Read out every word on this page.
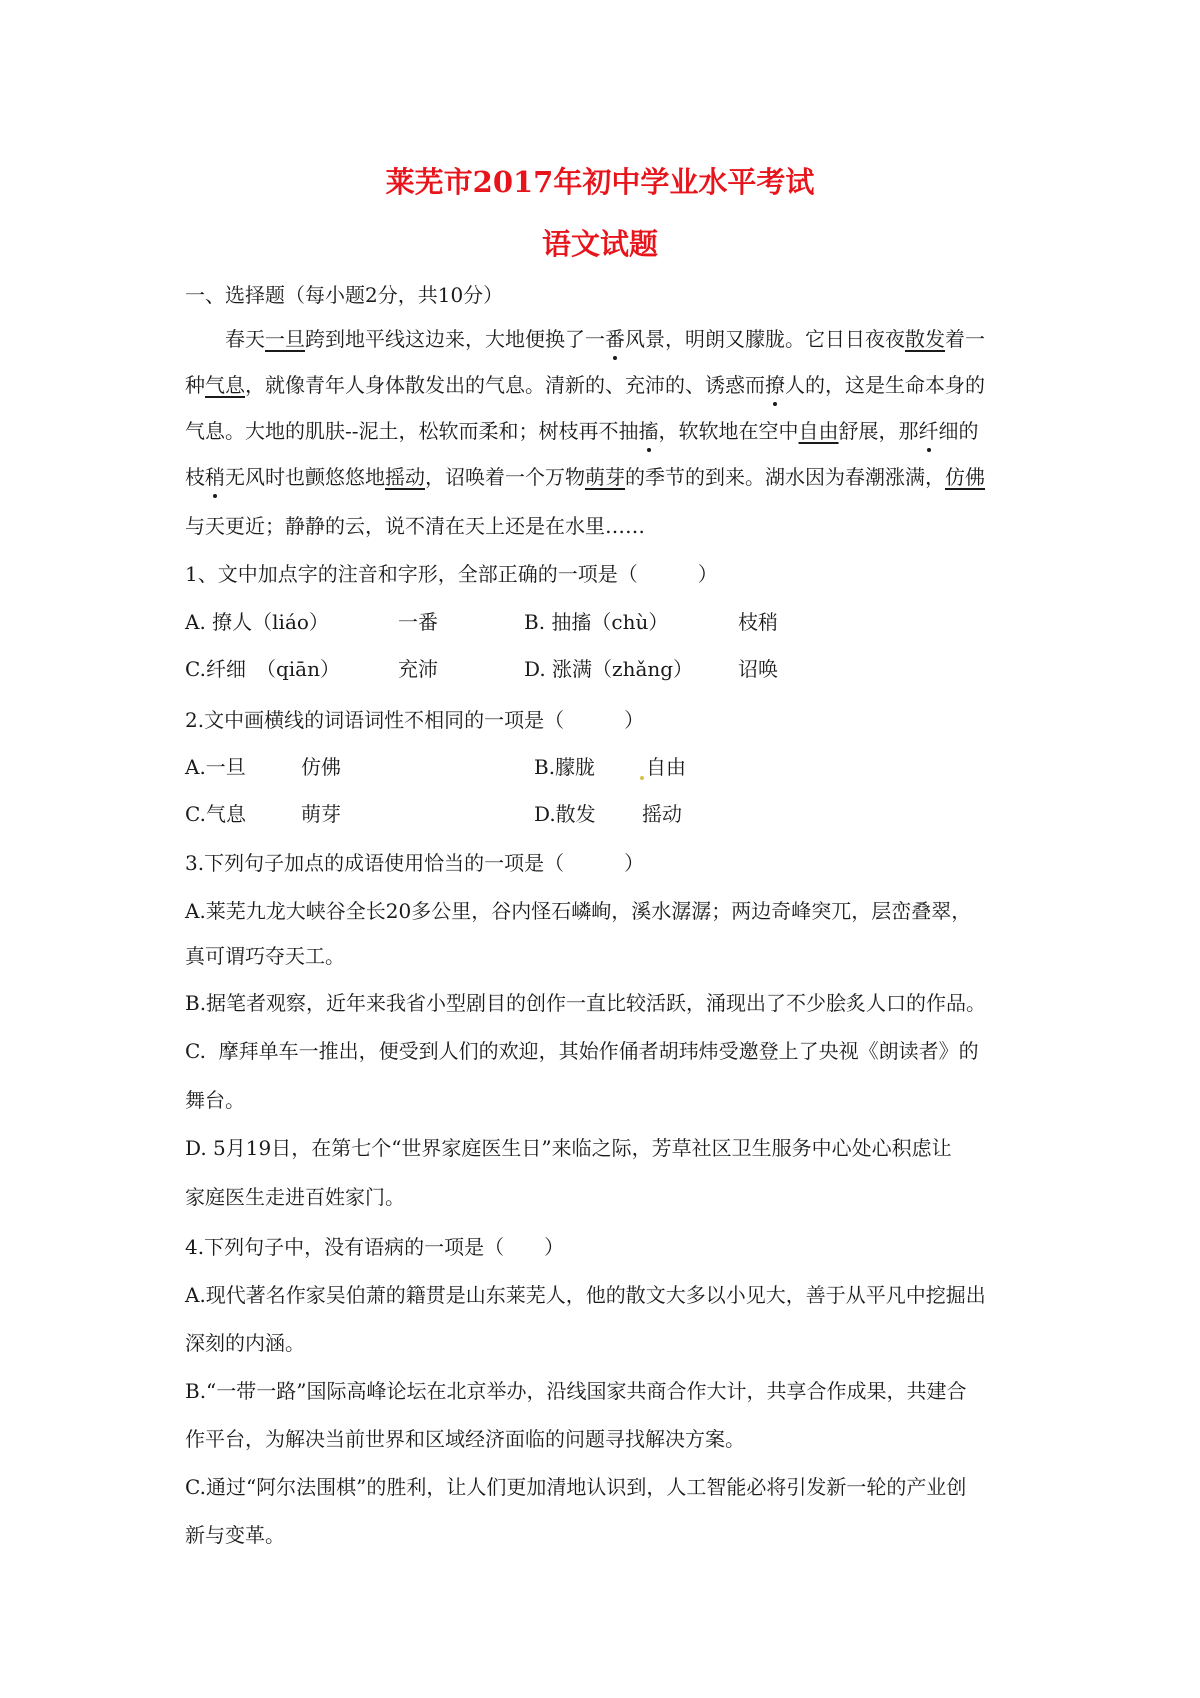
莱芜市2017年初中学业水平考试
语文试题
一、选择题（每小题2分，共10分）
春天一旦跨到地平线这边来，大地便换了一番风景，明朗又朦胧。它日日夜夜散发着一
种气息，就像青年人身体散发出的气息。清新的、充沛的、诱惑而撩人的，这是生命本身的
气息。大地的肌肤--泥土，松软而柔和；树枝再不抽搐，软软地在空中自由舒展，那纤细的
枝稍无风时也颤悠悠地摇动，诏唤着一个万物萌芽的季节的到来。湖水因为春潮涨满，仿佛
与天更近；静静的云，说不清在天上还是在水里……
1、文中加点字的注音和字形，全部正确的一项是（　　　）
A. 撩人（liáo）	一番	B. 抽搐（chù）	枝稍
C.纤细　（qiān）	充沛	D. 涨满（zhǎng） 诏唤
2.文中画横线的词语词性不相同的一项是（　　　）
A.一旦	仿佛	B.朦胧	自由
C.气息	萌芽	D.散发 摇动
3.下列句子加点的成语使用恰当的一项是（　　　）
A.莱芜九龙大峡谷全长20多公里，谷内怪石嶙峋，溪水潺潺；两边奇峰突兀，层峦叠翠，
真可谓巧夺天工。
B.据笔者观察，近年来我省小型剧目的创作一直比较活跃，涌现出了不少脍炙人口的作品。
C.  摩拜单车一推出，便受到人们的欢迎，其始作俑者胡玮炜受邀登上了央视《朗读者》的
舞台。
D. 5月19日，在第七个“世界家庭医生日”来临之际，芳草社区卫生服务中心处心积虑让
家庭医生走进百姓家门。
4.下列句子中，没有语病的一项是（　　）
A.现代著名作家吴伯萧的籍贯是山东莱芜人，他的散文大多以小见大，善于从平凡中挖掘出
深刻的内涵。
B.“一带一路”国际高峰论坛在北京举办，沿线国家共商合作大计，共享合作成果，共建合
作平台，为解决当前世界和区域经济面临的问题寻找解决方案。
C.通过“阿尔法围棋”的胜利，让人们更加清地认识到，人工智能必将引发新一轮的产业创
新与变革。
